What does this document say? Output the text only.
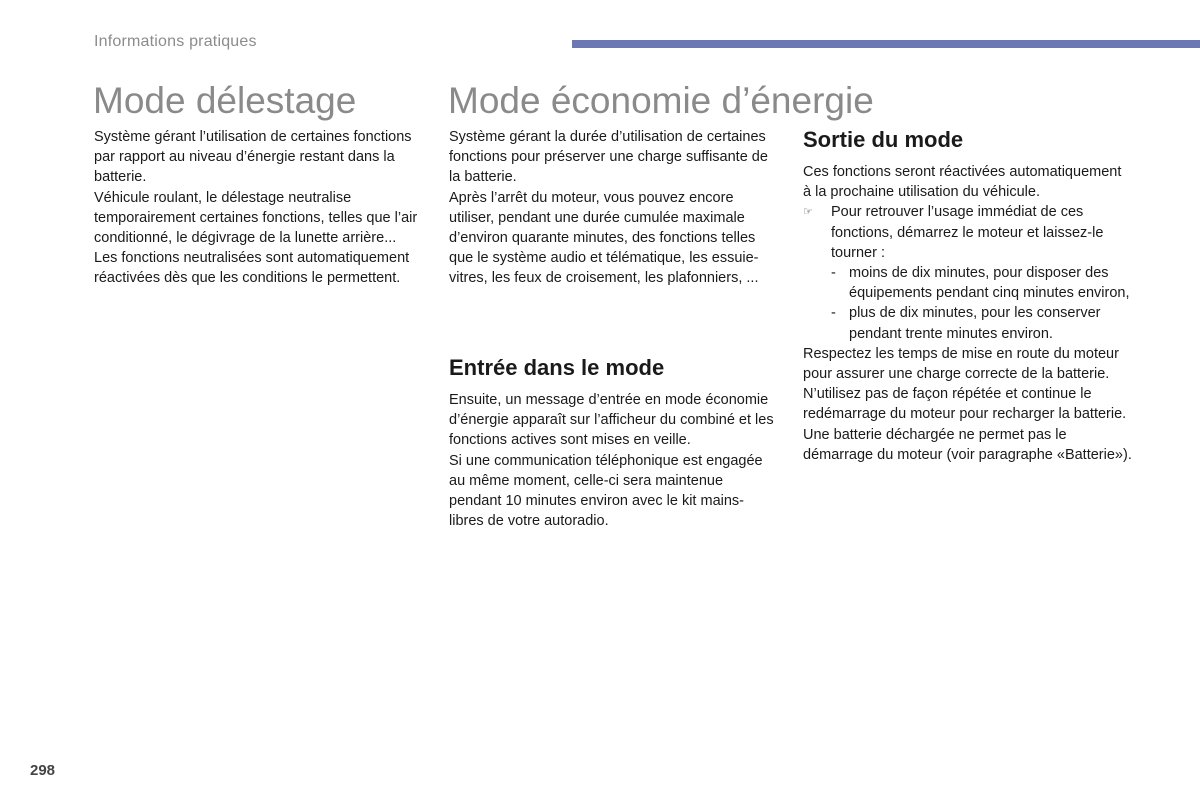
Informations pratiques
Mode délestage Mode économie d’énergie

Système gérant l’utilisation de certaines fonctions par rapport au niveau d’énergie restant dans la batterie.

Véhicule roulant, le délestage neutralise temporairement certaines fonctions, telles que l’air conditionné, le dégivrage de la lunette arrière...

Les fonctions neutralisées sont automatiquement réactivées dès que les conditions le permettent.

Système gérant la durée d’utilisation de certaines fonctions pour préserver une charge suffisante de la batterie.

Après l’arrêt du moteur, vous pouvez encore utiliser, pendant une durée cumulée maximale d’environ quarante minutes, des fonctions telles que le système audio et télématique, les essuie-vitres, les feux de croisement, les plafonniers, ...

Entrée dans le mode

Ensuite, un message d’entrée en mode économie d’énergie apparaît sur l’afficheur du combiné et les fonctions actives sont mises en veille.

Si une communication téléphonique est engagée au même moment, celle-ci sera maintenue pendant 10 minutes environ avec le kit mains-libres de votre autoradio.

Sortie du mode

Ces fonctions seront réactivées automatiquement à la prochaine utilisation du véhicule.

☞	Pour retrouver l’usage immédiat de ces fonctions, démarrez le moteur et laissez-le tourner :
- moins de dix minutes, pour disposer des équipements pendant cinq minutes environ,
- plus de dix minutes, pour les conserver pendant trente minutes environ.

Respectez les temps de mise en route du moteur pour assurer une charge correcte de la batterie.

N’utilisez pas de façon répétée et continue le redémarrage du moteur pour recharger la batterie.

Une batterie déchargée ne permet pas le démarrage du moteur (voir paragraphe «Batterie»).

298
